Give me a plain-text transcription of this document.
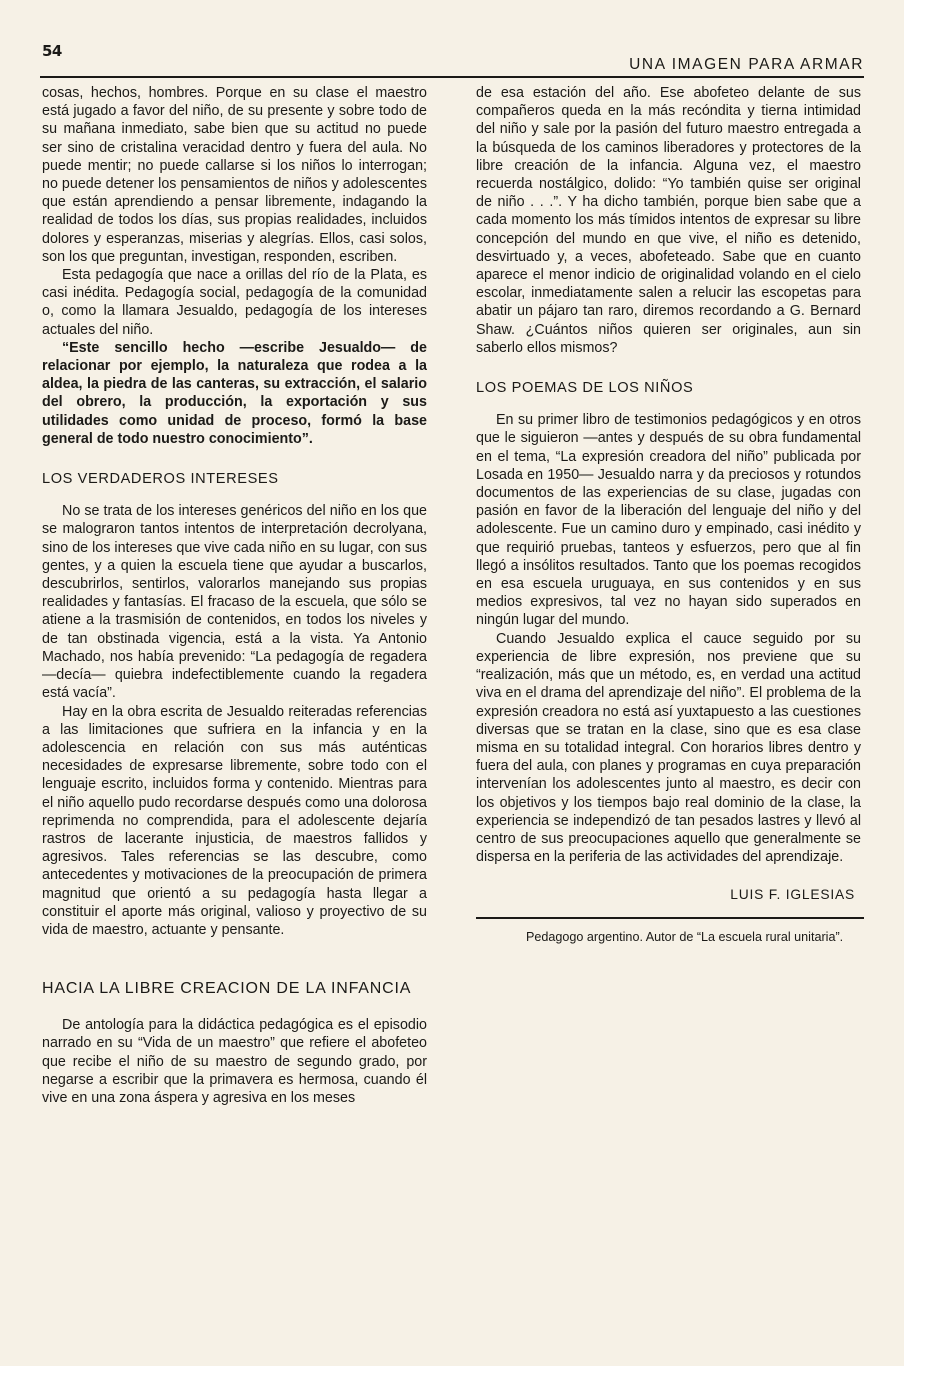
54
UNA IMAGEN PARA ARMAR

cosas, hechos, hombres. Porque en su clase el maestro está jugado a favor del niño, de su presente y sobre todo de su mañana inmediato, sabe bien que su actitud no puede ser sino de cristalina veracidad dentro y fuera del aula. No puede mentir; no puede callarse si los niños lo interrogan; no puede detener los pensamientos de niños y adolescentes que están aprendiendo a pensar libremente, indagando la realidad de todos los días, sus propias realidades, incluidos dolores y esperanzas, miserias y alegrías. Ellos, casi solos, son los que preguntan, investigan, responden, escriben.

Esta pedagogía que nace a orillas del río de la Plata, es casi inédita. Pedagogía social, pedagogía de la comunidad o, como la llamara Jesualdo, pedagogía de los intereses actuales del niño.

“Este sencillo hecho —escribe Jesualdo— de relacionar por ejemplo, la naturaleza que rodea a la aldea, la piedra de las canteras, su extracción, el salario del obrero, la producción, la exportación y sus utilidades como unidad de proceso, formó la base general de todo nuestro conocimiento”.

LOS VERDADEROS INTERESES

No se trata de los intereses genéricos del niño en los que se malograron tantos intentos de interpretación decrolyana, sino de los intereses que vive cada niño en su lugar, con sus gentes, y a quien la escuela tiene que ayudar a buscarlos, descubrirlos, sentirlos, valorarlos manejando sus propias realidades y fantasías. El fracaso de la escuela, que sólo se atiene a la trasmisión de contenidos, en todos los niveles y de tan obstinada vigencia, está a la vista. Ya Antonio Machado, nos había prevenido: “La pedagogía de regadera —decía— quiebra indefectiblemente cuando la regadera está vacía”.

Hay en la obra escrita de Jesualdo reiteradas referencias a las limitaciones que sufriera en la infancia y en la adolescencia en relación con sus más auténticas necesidades de expresarse libremente, sobre todo con el lenguaje escrito, incluidos forma y contenido. Mientras para el niño aquello pudo recordarse después como una dolorosa reprimenda no comprendida, para el adolescente dejaría rastros de lacerante injusticia, de maestros fallidos y agresivos. Tales referencias se las descubre, como antecedentes y motivaciones de la preocupación de primera magnitud que orientó a su pedagogía hasta llegar a constituir el aporte más original, valioso y proyectivo de su vida de maestro, actuante y pensante.

HACIA LA LIBRE CREACION DE LA INFANCIA

De antología para la didáctica pedagógica es el episodio narrado en su “Vida de un maestro” que refiere el abofeteo que recibe el niño de su maestro de segundo grado, por negarse a escribir que la primavera es hermosa, cuando él vive en una zona áspera y agresiva en los meses

de esa estación del año. Ese abofeteo delante de sus compañeros queda en la más recóndita y tierna intimidad del niño y sale por la pasión del futuro maestro entregada a la búsqueda de los caminos liberadores y protectores de la libre creación de la infancia. Alguna vez, el maestro recuerda nostálgico, dolido: “Yo también quise ser original de niño . . .”. Y ha dicho también, porque bien sabe que a cada momento los más tímidos intentos de expresar su libre concepción del mundo en que vive, el niño es detenido, desvirtuado y, a veces, abofeteado. Sabe que en cuanto aparece el menor indicio de originalidad volando en el cielo escolar, inmediatamente salen a relucir las escopetas para abatir un pájaro tan raro, diremos recordando a G. Bernard Shaw. ¿Cuántos niños quieren ser originales, aun sin saberlo ellos mismos?

LOS POEMAS DE LOS NIÑOS

En su primer libro de testimonios pedagógicos y en otros que le siguieron —antes y después de su obra fundamental en el tema, “La expresión creadora del niño” publicada por Losada en 1950— Jesualdo narra y da preciosos y rotundos documentos de las experiencias de su clase, jugadas con pasión en favor de la liberación del lenguaje del niño y del adolescente. Fue un camino duro y empinado, casi inédito y que requirió pruebas, tanteos y esfuerzos, pero que al fin llegó a insólitos resultados. Tanto que los poemas recogidos en esa escuela uruguaya, en sus contenidos y en sus medios expresivos, tal vez no hayan sido superados en ningún lugar del mundo.

Cuando Jesualdo explica el cauce seguido por su experiencia de libre expresión, nos previene que su “realización, más que un método, es, en verdad una actitud viva en el drama del aprendizaje del niño”. El problema de la expresión creadora no está así yuxtapuesto a las cuestiones diversas que se tratan en la clase, sino que es esa clase misma en su totalidad integral. Con horarios libres dentro y fuera del aula, con planes y programas en cuya preparación intervenían los adolescentes junto al maestro, es decir con los objetivos y los tiempos bajo real dominio de la clase, la experiencia se independizó de tan pesados lastres y llevó al centro de sus preocupaciones aquello que generalmente se dispersa en la periferia de las actividades del aprendizaje.

LUIS F. IGLESIAS
Pedagogo argentino. Autor de “La escuela rural unitaria”.
